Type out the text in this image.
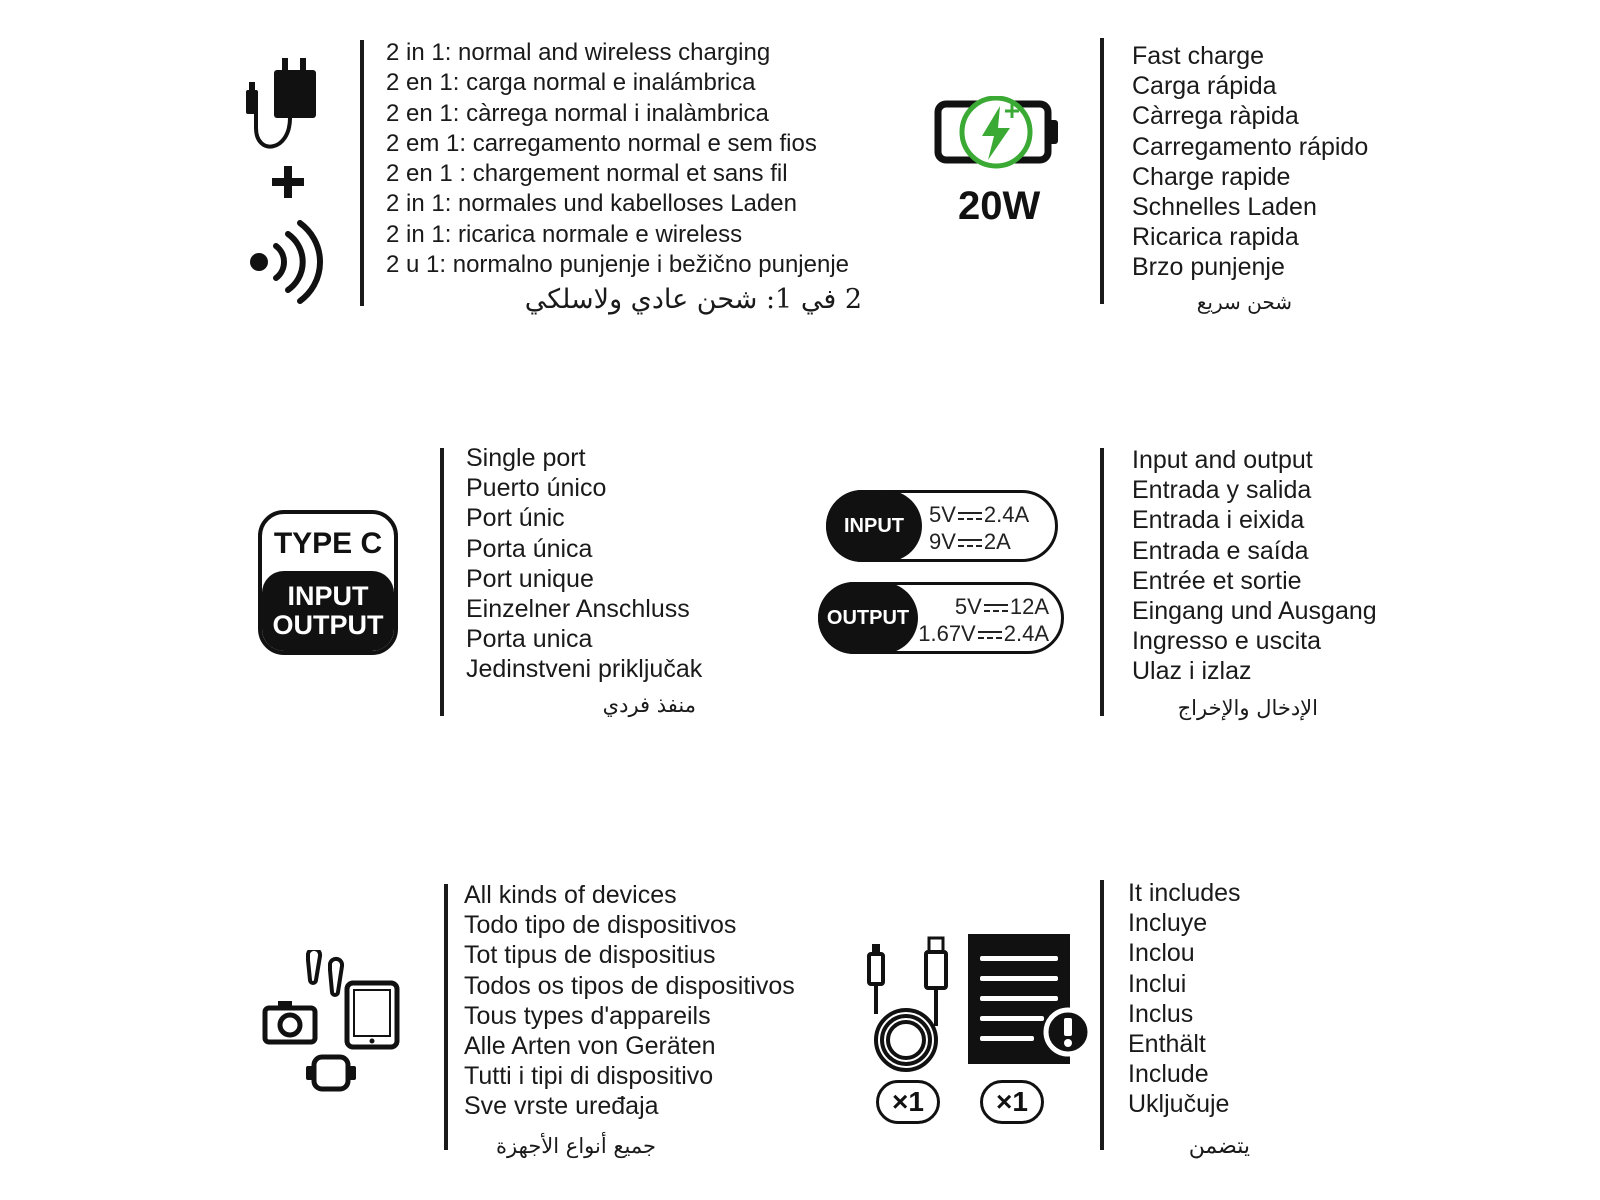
2 in 1: normal and wireless charging
2 en 1: carga normal e inalámbrica
2 en 1: càrrega normal i inalàmbrica
2 em 1: carregamento normal e sem fios
2 en 1 : chargement normal et sans fil
2 in 1: normales und kabelloses Laden
2 in 1: ricarica normale e wireless
2 u 1: normalno punjenje i bežično punjenje
2 في 1: شحن عادي ولاسلكي
20W
Fast charge
Carga rápida
Càrrega ràpida
Carregamento rápido
Charge rapide
Schnelles Laden
Ricarica rapida
Brzo punjenje
شحن سريع
TYPE C
INPUT
OUTPUT
Single port
Puerto único
Port únic
Porta única
Port unique
Einzelner Anschluss
Porta unica
Jedinstveni priključak
منفذ فردي
INPUT	5V 2.4A
9V 2A
OUTPUT	5V 12A
1.67V 2.4A
Input and output
Entrada y salida
Entrada i eixida
Entrada e saída
Entrée et sortie
Eingang und Ausgang
Ingresso e uscita
Ulaz i izlaz
الإدخال والإخراج
All kinds of devices
Todo tipo de dispositivos
Tot tipus de dispositius
Todos os tipos de dispositivos
Tous types d'appareils
Alle Arten von Geräten
Tutti i tipi di dispositivo
Sve vrste uređaja
جميع أنواع الأجهزة
×1	×1
It includes
Incluye
Inclou
Inclui
Inclus
Enthält
Include
Uključuje
يتضمن
